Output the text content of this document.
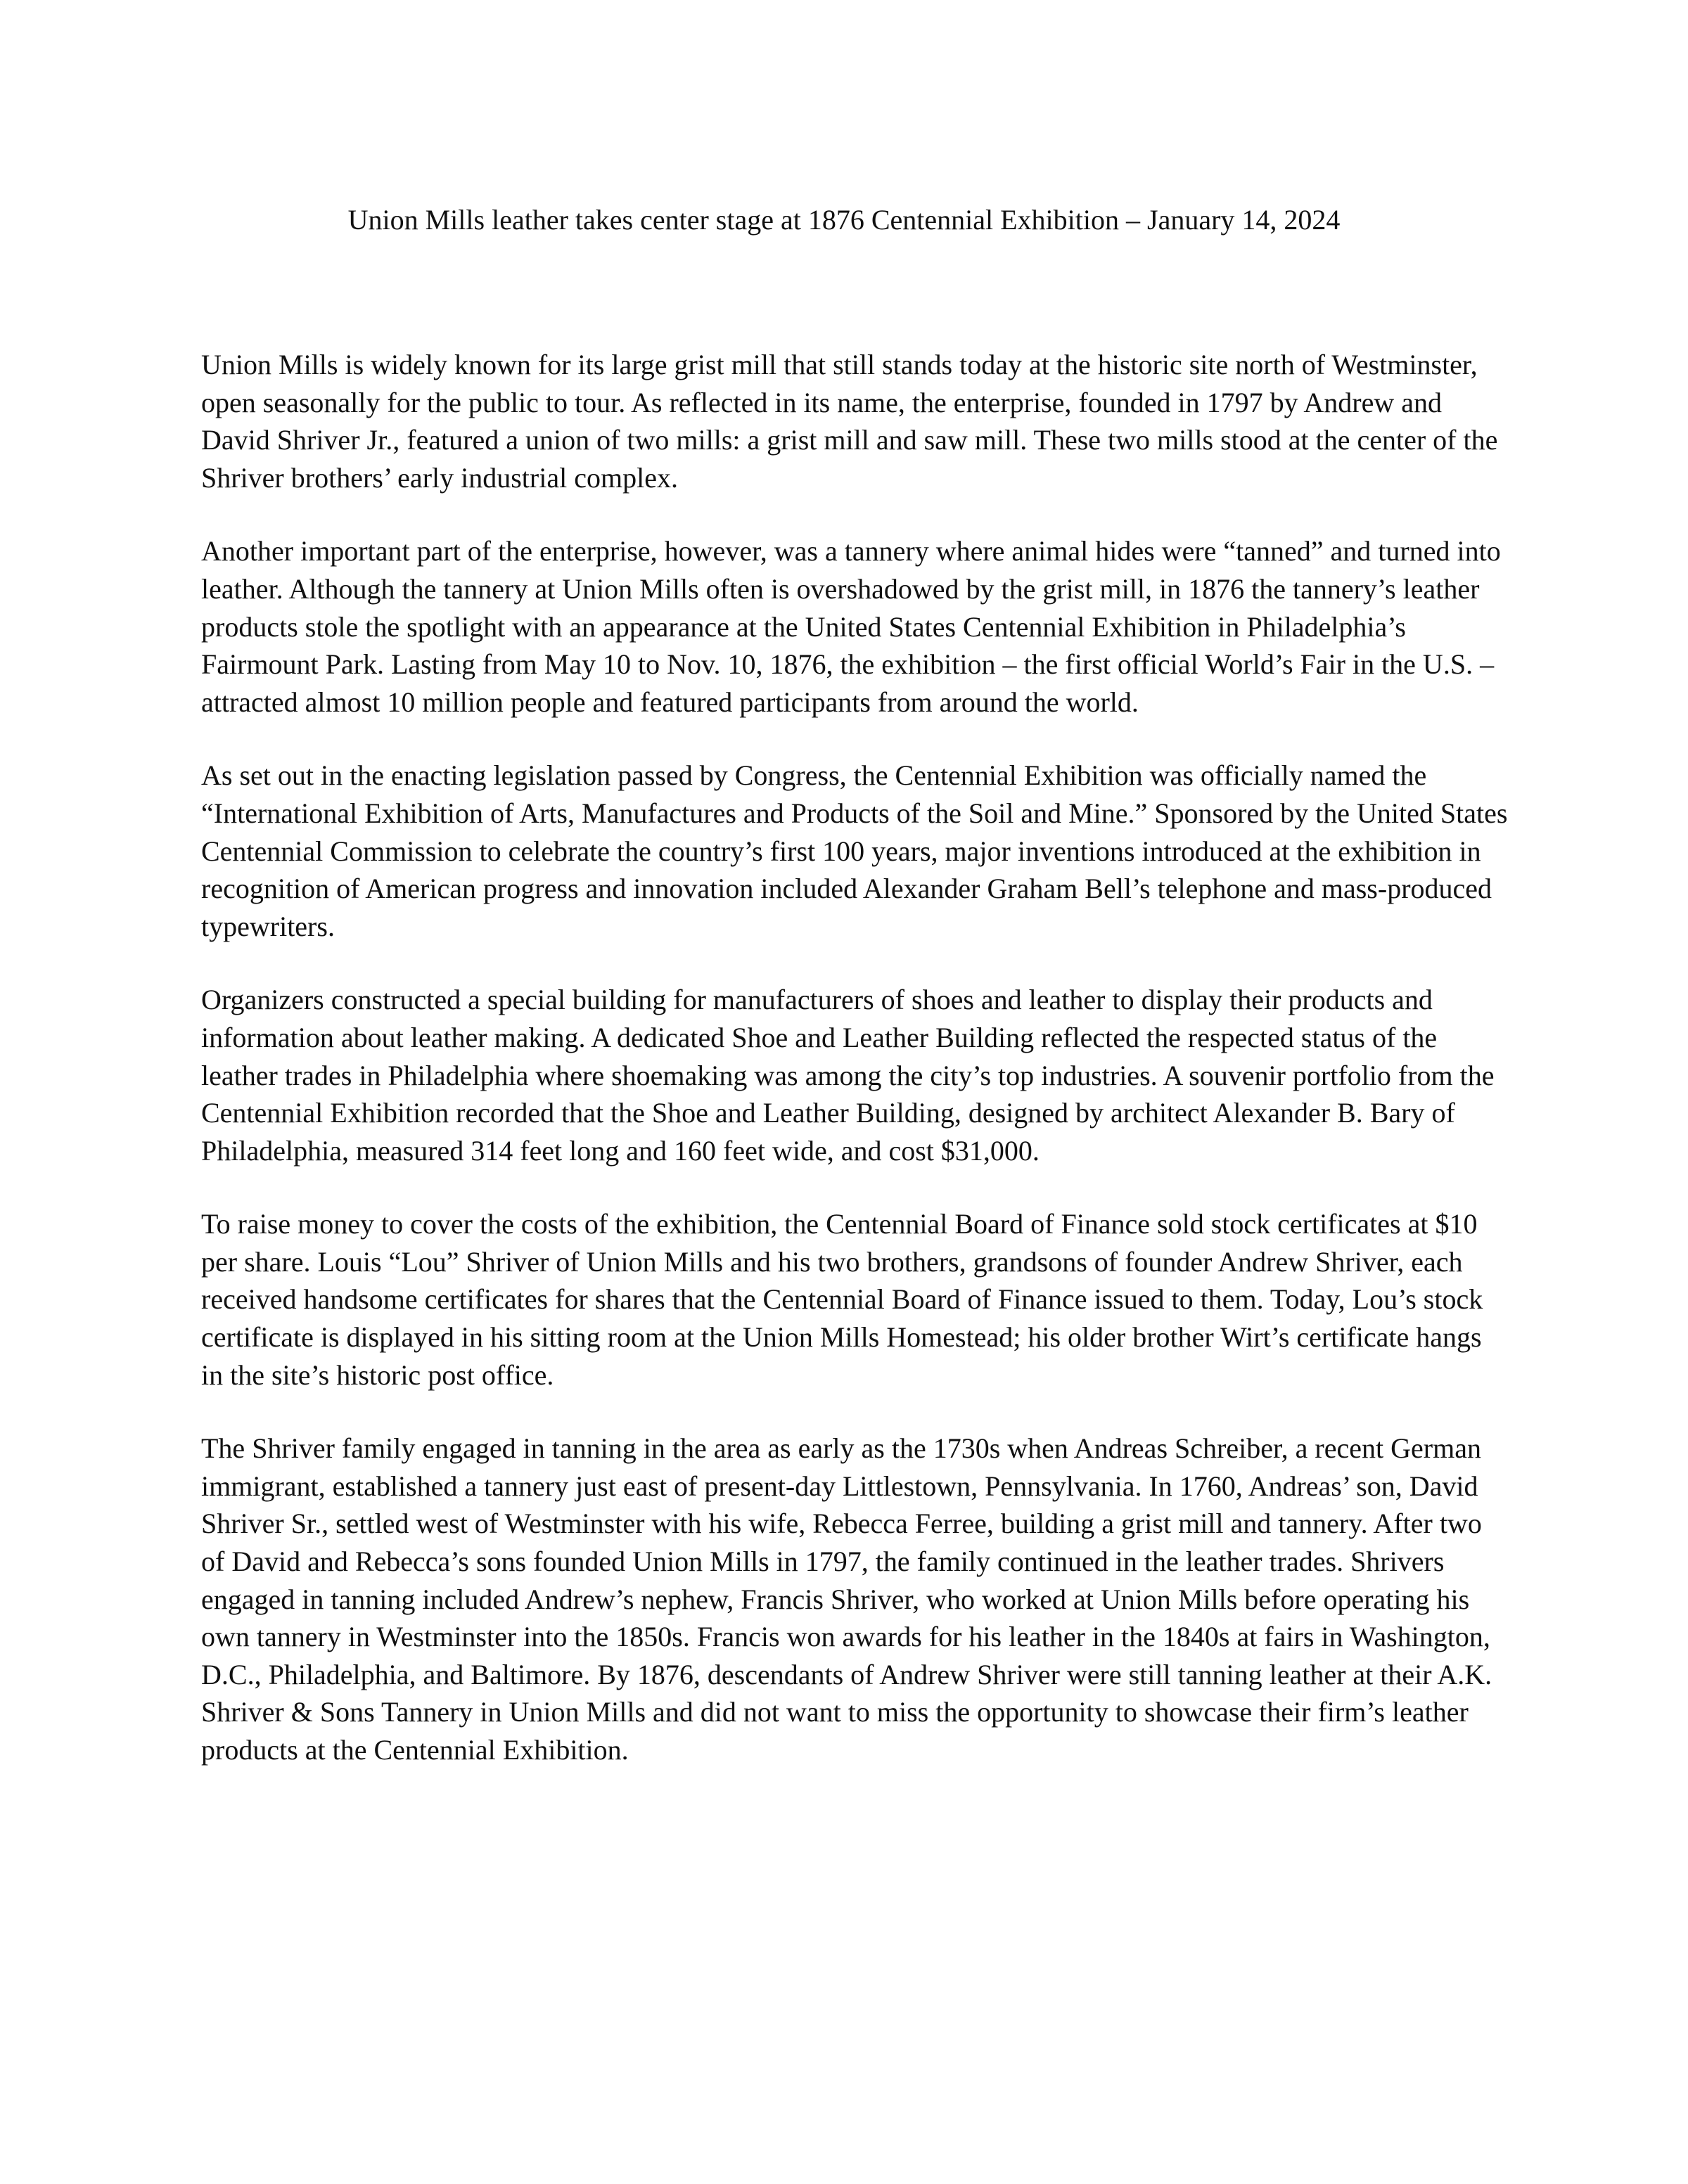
Union Mills leather takes center stage at 1876 Centennial Exhibition – January 14, 2024

Union Mills is widely known for its large grist mill that still stands today at the historic site north of Westminster, open seasonally for the public to tour. As reflected in its name, the enterprise, founded in 1797 by Andrew and David Shriver Jr., featured a union of two mills: a grist mill and saw mill. These two mills stood at the center of the Shriver brothers’ early industrial complex.

Another important part of the enterprise, however, was a tannery where animal hides were “tanned” and turned into leather. Although the tannery at Union Mills often is overshadowed by the grist mill, in 1876 the tannery’s leather products stole the spotlight with an appearance at the United States Centennial Exhibition in Philadelphia’s Fairmount Park. Lasting from May 10 to Nov. 10, 1876, the exhibition – the first official World’s Fair in the U.S. – attracted almost 10 million people and featured participants from around the world.

As set out in the enacting legislation passed by Congress, the Centennial Exhibition was officially named the “International Exhibition of Arts, Manufactures and Products of the Soil and Mine.” Sponsored by the United States Centennial Commission to celebrate the country’s first 100 years, major inventions introduced at the exhibition in recognition of American progress and innovation included Alexander Graham Bell’s telephone and mass-produced typewriters.

Organizers constructed a special building for manufacturers of shoes and leather to display their products and information about leather making. A dedicated Shoe and Leather Building reflected the respected status of the leather trades in Philadelphia where shoemaking was among the city’s top industries. A souvenir portfolio from the Centennial Exhibition recorded that the Shoe and Leather Building, designed by architect Alexander B. Bary of Philadelphia, measured 314 feet long and 160 feet wide, and cost $31,000.

To raise money to cover the costs of the exhibition, the Centennial Board of Finance sold stock certificates at $10 per share. Louis “Lou” Shriver of Union Mills and his two brothers, grandsons of founder Andrew Shriver, each received handsome certificates for shares that the Centennial Board of Finance issued to them. Today, Lou’s stock certificate is displayed in his sitting room at the Union Mills Homestead; his older brother Wirt’s certificate hangs in the site’s historic post office.

The Shriver family engaged in tanning in the area as early as the 1730s when Andreas Schreiber, a recent German immigrant, established a tannery just east of present-day Littlestown, Pennsylvania. In 1760, Andreas’ son, David Shriver Sr., settled west of Westminster with his wife, Rebecca Ferree, building a grist mill and tannery. After two of David and Rebecca’s sons founded Union Mills in 1797, the family continued in the leather trades. Shrivers engaged in tanning included Andrew’s nephew, Francis Shriver, who worked at Union Mills before operating his own tannery in Westminster into the 1850s. Francis won awards for his leather in the 1840s at fairs in Washington, D.C., Philadelphia, and Baltimore. By 1876, descendants of Andrew Shriver were still tanning leather at their A.K. Shriver & Sons Tannery in Union Mills and did not want to miss the opportunity to showcase their firm’s leather products at the Centennial Exhibition.
